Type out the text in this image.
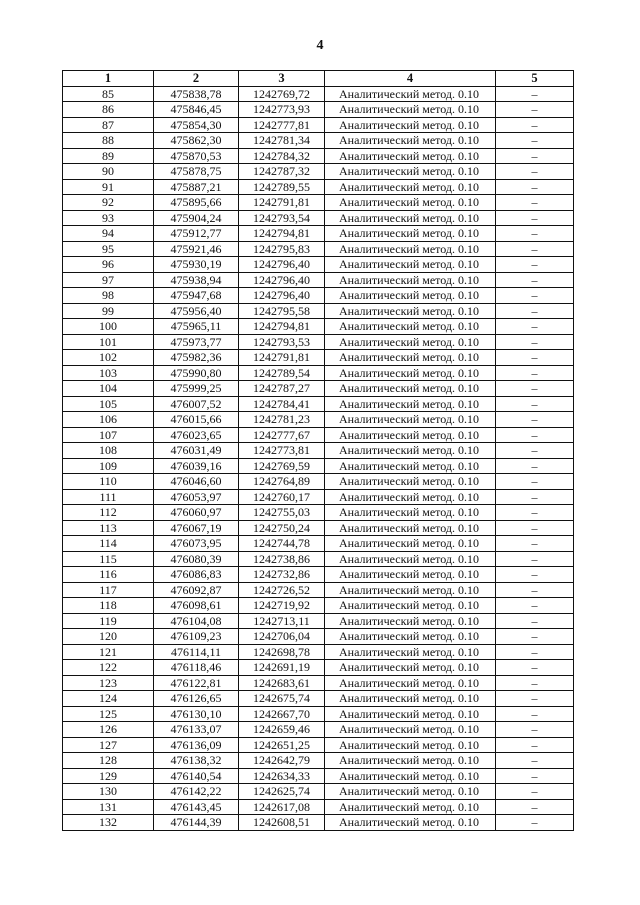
4
1	2	3	4	5
85	475838,78	1242769,72	Аналитический метод. 0.10	–
86	475846,45	1242773,93	Аналитический метод. 0.10	–
87	475854,30	1242777,81	Аналитический метод. 0.10	–
88	475862,30	1242781,34	Аналитический метод. 0.10	–
89	475870,53	1242784,32	Аналитический метод. 0.10	–
90	475878,75	1242787,32	Аналитический метод. 0.10	–
91	475887,21	1242789,55	Аналитический метод. 0.10	–
92	475895,66	1242791,81	Аналитический метод. 0.10	–
93	475904,24	1242793,54	Аналитический метод. 0.10	–
94	475912,77	1242794,81	Аналитический метод. 0.10	–
95	475921,46	1242795,83	Аналитический метод. 0.10	–
96	475930,19	1242796,40	Аналитический метод. 0.10	–
97	475938,94	1242796,40	Аналитический метод. 0.10	–
98	475947,68	1242796,40	Аналитический метод. 0.10	–
99	475956,40	1242795,58	Аналитический метод. 0.10	–
100	475965,11	1242794,81	Аналитический метод. 0.10	–
101	475973,77	1242793,53	Аналитический метод. 0.10	–
102	475982,36	1242791,81	Аналитический метод. 0.10	–
103	475990,80	1242789,54	Аналитический метод. 0.10	–
104	475999,25	1242787,27	Аналитический метод. 0.10	–
105	476007,52	1242784,41	Аналитический метод. 0.10	–
106	476015,66	1242781,23	Аналитический метод. 0.10	–
107	476023,65	1242777,67	Аналитический метод. 0.10	–
108	476031,49	1242773,81	Аналитический метод. 0.10	–
109	476039,16	1242769,59	Аналитический метод. 0.10	–
110	476046,60	1242764,89	Аналитический метод. 0.10	–
111	476053,97	1242760,17	Аналитический метод. 0.10	–
112	476060,97	1242755,03	Аналитический метод. 0.10	–
113	476067,19	1242750,24	Аналитический метод. 0.10	–
114	476073,95	1242744,78	Аналитический метод. 0.10	–
115	476080,39	1242738,86	Аналитический метод. 0.10	–
116	476086,83	1242732,86	Аналитический метод. 0.10	–
117	476092,87	1242726,52	Аналитический метод. 0.10	–
118	476098,61	1242719,92	Аналитический метод. 0.10	–
119	476104,08	1242713,11	Аналитический метод. 0.10	–
120	476109,23	1242706,04	Аналитический метод. 0.10	–
121	476114,11	1242698,78	Аналитический метод. 0.10	–
122	476118,46	1242691,19	Аналитический метод. 0.10	–
123	476122,81	1242683,61	Аналитический метод. 0.10	–
124	476126,65	1242675,74	Аналитический метод. 0.10	–
125	476130,10	1242667,70	Аналитический метод. 0.10	–
126	476133,07	1242659,46	Аналитический метод. 0.10	–
127	476136,09	1242651,25	Аналитический метод. 0.10	–
128	476138,32	1242642,79	Аналитический метод. 0.10	–
129	476140,54	1242634,33	Аналитический метод. 0.10	–
130	476142,22	1242625,74	Аналитический метод. 0.10	–
131	476143,45	1242617,08	Аналитический метод. 0.10	–
132	476144,39	1242608,51	Аналитический метод. 0.10	–
